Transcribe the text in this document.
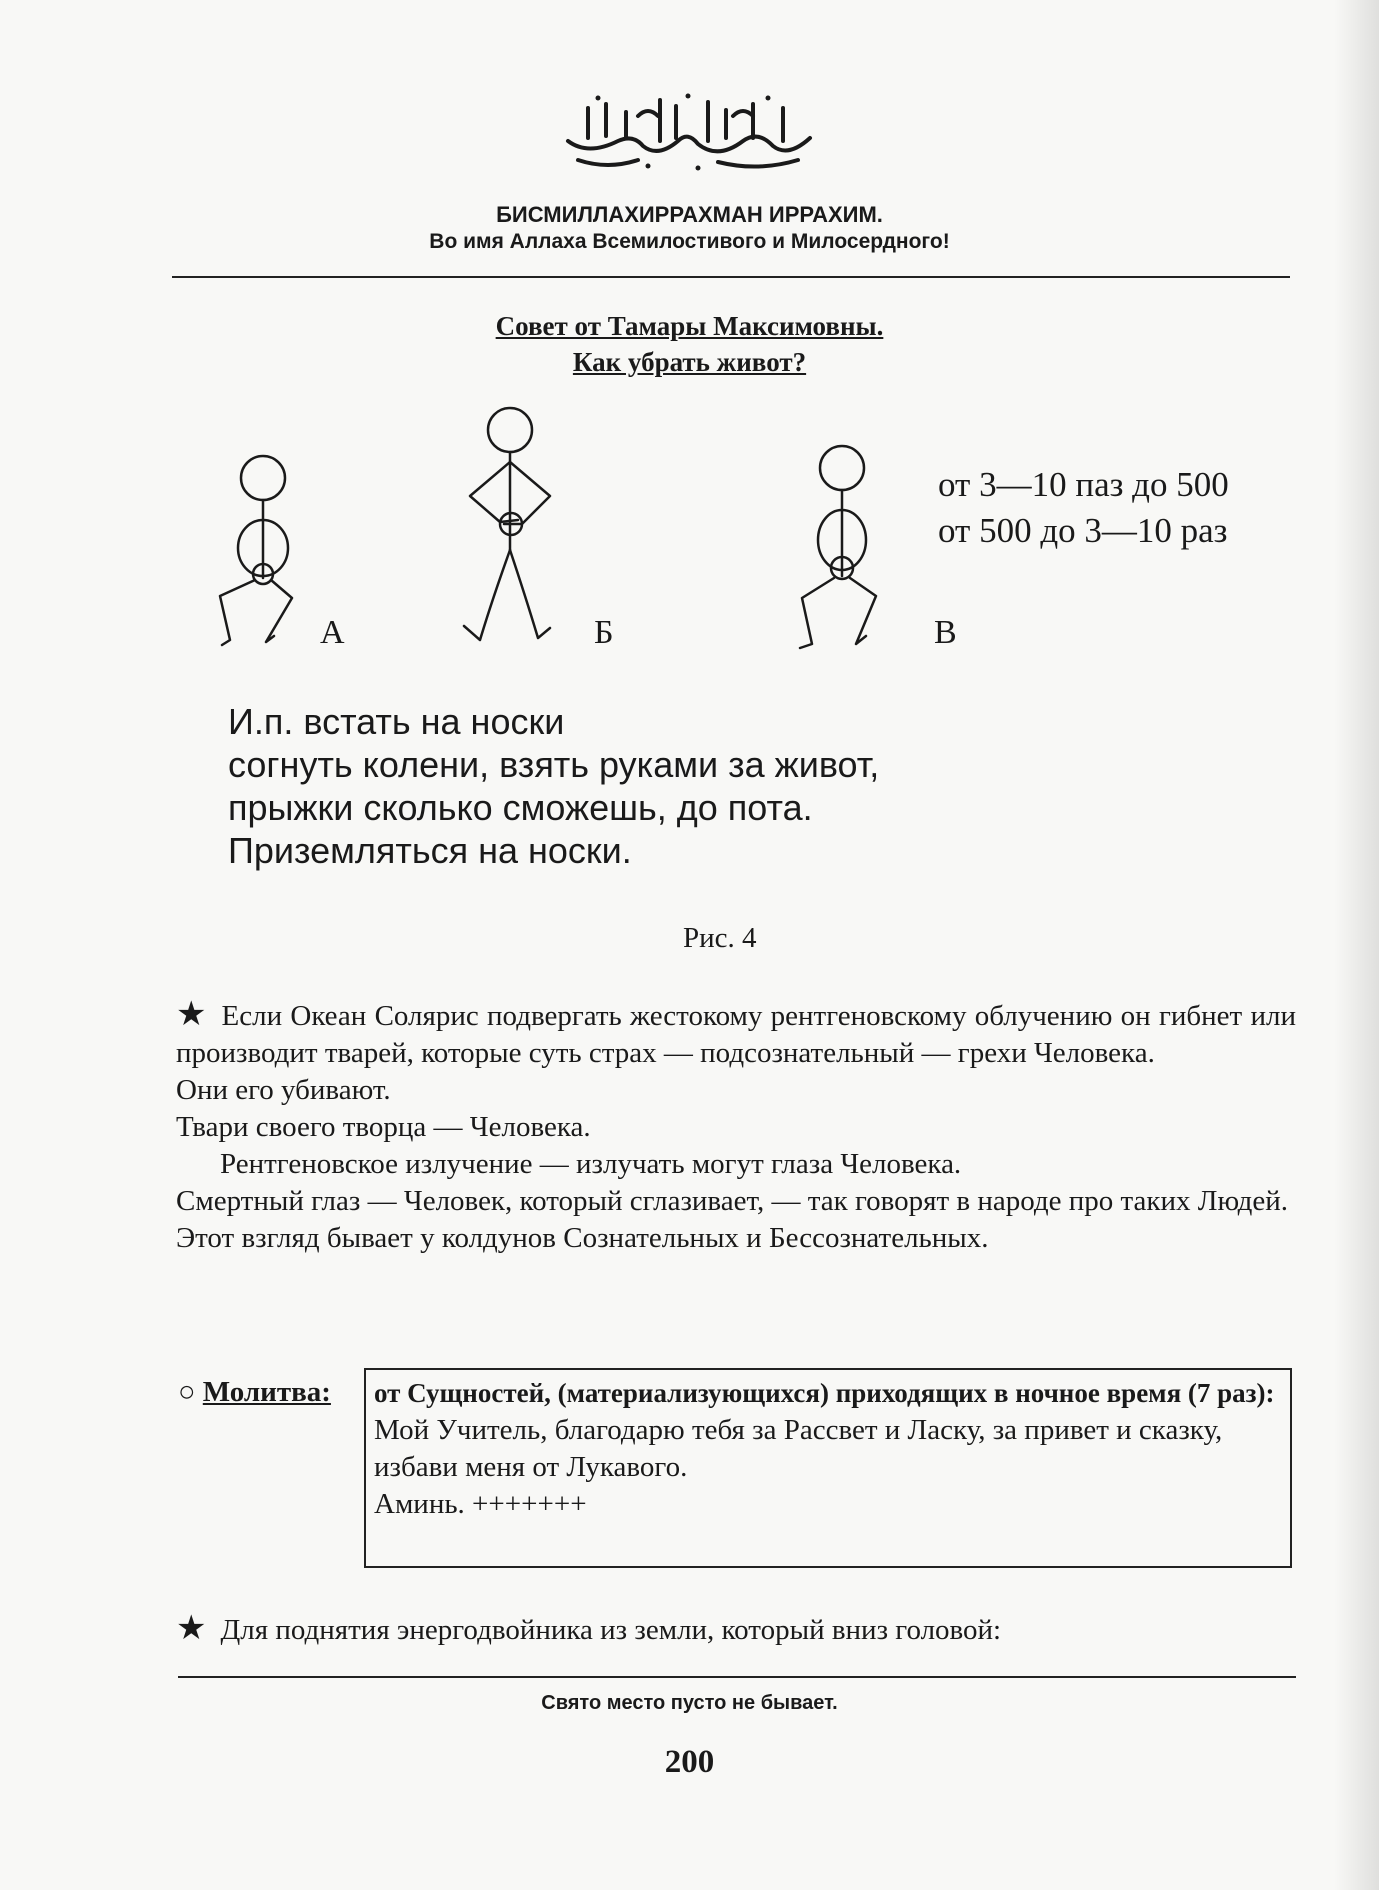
БИСМИЛЛАХИРРАХМАН ИРРАХИМ.
Во имя Аллаха Всемилостивого и Милосердного!
Совет от Тамары Максимовны.
Как убрать живот?
А	Б	В
от 3—10 паз до 500
от 500 до 3—10 раз
И.п. встать на носки
согнуть колени, взять руками за живот,
прыжки сколько сможешь, до пота.
Приземляться на носки.
Рис. 4

★ Если Океан Солярис подвергать жестокому рентгеновскому облучению он гибнет или производит тварей, которые суть страх — подсознательный — грехи Человека.

Они его убивают.

Твари своего творца — Человека.

Рентгеновское излучение — излучать могут глаза Человека.

Смертный глаз — Человек, который сглазивает, — так говорят в народе про таких Людей.

Этот взгляд бывает у колдунов Сознательных и Бессознательных.

○ Молитва: от Сущностей, (материализующихся) приходящих в ночное время (7 раз):
Мой Учитель, благодарю тебя за Рассвет и Ласку, за привет и сказку, избави меня от Лукавого.
Аминь. +++++++
★ Для поднятия энергодвойника из земли, который вниз головой:
Свято место пусто не бывает.
200
